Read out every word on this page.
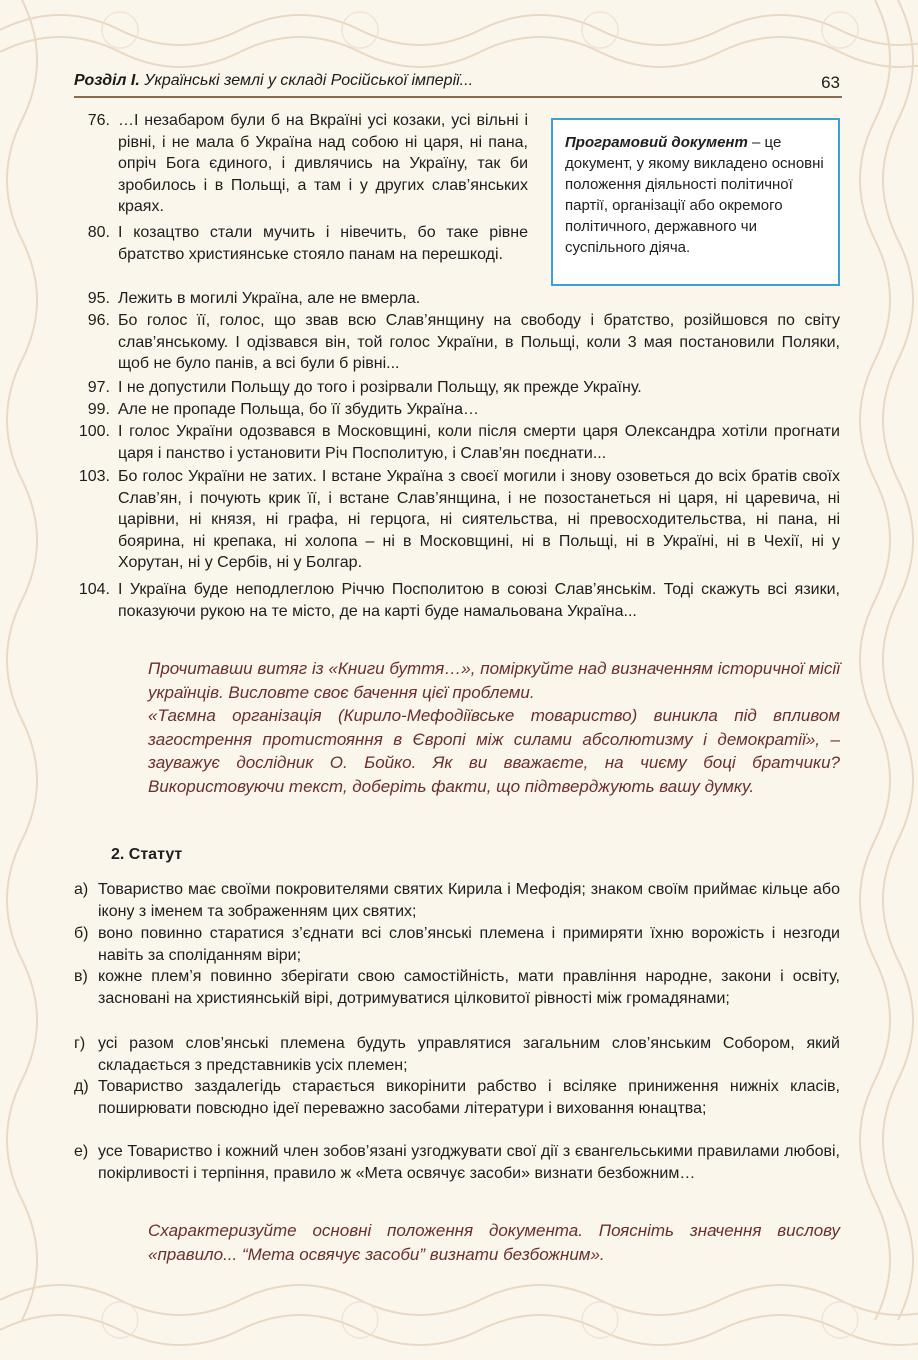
Розділ I. Українські землі у складі Російської імперії...	63
Програмовий документ – це документ, у якому викладено основні положення діяльності політичної партії, організації або окремого політичного, державного чи суспільного діяча.
76. …І незабаром були б на Вкраїні усі козаки, усі вільні і рівні, і не мала б Україна над собою ні царя, ні пана, опріч Бога єдиного, і дивлячись на Україну, так би зробилось і в Польщі, а там і у других слав’янських краях.
80. І козацтво стали мучить і нівечить, бо таке рівне братство християнське стояло панам на перешкоді.
95. Лежить в могилі Україна, але не вмерла.
96. Бо голос її, голос, що звав всю Слав’янщину на свободу і братство, розійшовся по світу слав’янському. І одізвався він, той голос України, в Польщі, коли 3 мая постановили Поляки, щоб не було панів, а всі були б рівні...
97. І не допустили Польщу до того і розірвали Польщу, як прежде Україну.
99. Але не пропаде Польща, бо її збудить Україна…
100. І голос України одозвався в Московщині, коли після смерти царя Олександра хотіли прогнати царя і панство і установити Річ Посполитую, і Слав’ян поєднати...
103. Бо голос України не затих. І встане Україна з своєї могили і знову озоветься до всіх братів своїх Слав’ян, і почують крик її, і встане Слав’янщина, і не позостанеться ні царя, ні царевича, ні царівни, ні князя, ні графа, ні герцога, ні сиятельства, ні превосходительства, ні пана, ні боярина, ні крепака, ні холопа – ні в Московщині, ні в Польщі, ні в Україні, ні в Чехії, ні у Хорутан, ні у Сербів, ні у Болгар.
104. І Україна буде неподлеглою Річчю Посполитою в союзі Слав’янськім. Тоді скажуть всі язики, показуючи рукою на те місто, де на карті буде намальована Україна...
Прочитавши витяг із «Книги буття…», поміркуйте над визначенням історичної місії українців. Висловте своє бачення цієї проблеми.
«Таємна організація (Кирило-Мефодіївське товариство) виникла під впливом загострення протистояння в Європі між силами абсолютизму і демократії», – зауважує дослідник О. Бойко. Як ви вважаєте, на чиєму боці братчики? Використовуючи текст, доберіть факти, що підтверджують вашу думку.
2. Статут
а) Товариство має своїми покровителями святих Кирила і Мефодія; знаком своїм приймає кільце або ікону з іменем та зображенням цих святих;
б) воно повинно старатися з’єднати всі слов’янські племена і примиряти їхню ворожість і незгоди навіть за споліданням віри;
в) кожне плем’я повинно зберігати свою самостійність, мати правління народне, закони і освіту, засновані на християнській вірі, дотримуватися цілковитої рівності між громадянами;
г) усі разом слов’янські племена будуть управлятися загальним слов’янським Собором, який складається з представників усіх племен;
д) Товариство заздалегідь старається викорінити рабство і всіляке приниження нижніх класів, поширювати повсюдно ідеї переважно засобами літератури і виховання юнацтва;
е) усе Товариство і кожний член зобов’язані узгоджувати свої дії з євангельськими правилами любові, покірливості і терпіння, правило ж «Мета освячує засоби» визнати безбожним…
Схарактеризуйте основні положення документа. Поясніть значення вислову «правило... “Мета освячує засоби” визнати безбожним».
